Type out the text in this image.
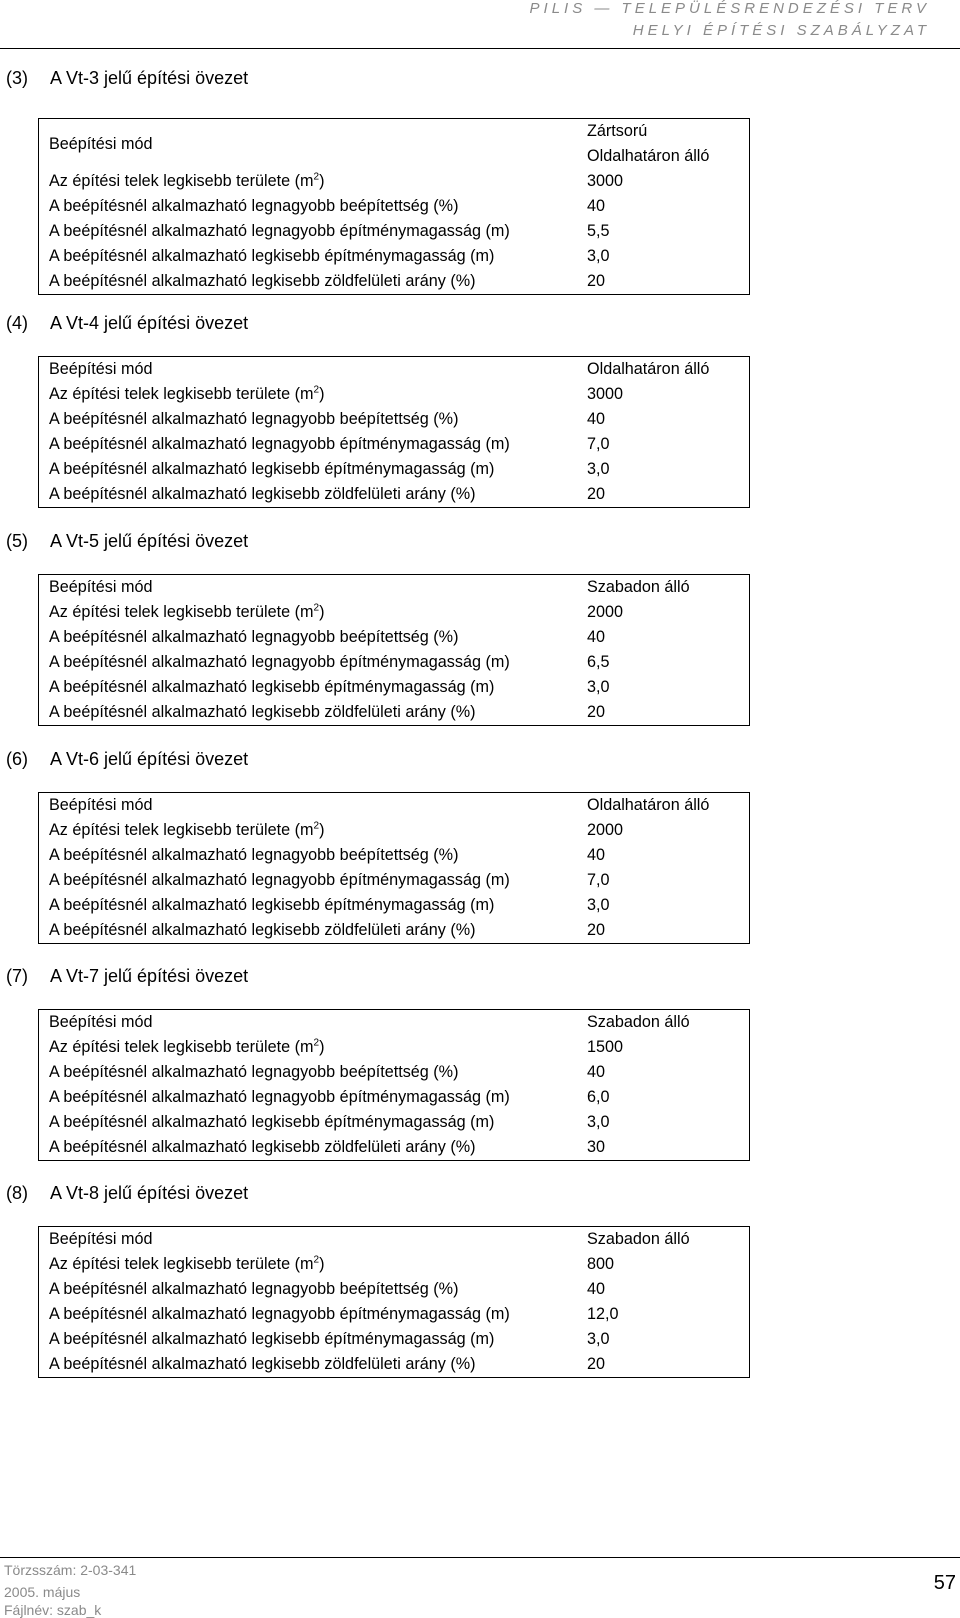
PILIS — TELEPÜLÉSRENDEZÉSI TERV
HELYI ÉPÍTÉSI SZABÁLYZAT
(3) A Vt-3 jelű építési övezet
Beépítési mód	Zártsorú
Oldalhatáron álló

Az építési telek legkisebb területe $(m^2)$	3000
A beépítésnél alkalmazható legnagyobb beépítettség (%)	40
A beépítésnél alkalmazható legnagyobb építménymagasság (m)	5,5
A beépítésnél alkalmazható legkisebb építménymagasság (m)	3,0
A beépítésnél alkalmazható legkisebb zöldfelületi arány (%)	20
(4) A Vt-4 jelű építési övezet
Beépítési mód	Oldalhatáron álló
Az építési telek legkisebb területe $(m^2)$	3000
A beépítésnél alkalmazható legnagyobb beépítettség (%)	40
A beépítésnél alkalmazható legnagyobb építménymagasság (m)	7,0
A beépítésnél alkalmazható legkisebb építménymagasság (m)	3,0
A beépítésnél alkalmazható legkisebb zöldfelületi arány (%)	20
(5) A Vt-5 jelű építési övezet
Beépítési mód	Szabadon álló
Az építési telek legkisebb területe $(m^2)$	2000
A beépítésnél alkalmazható legnagyobb beépítettség (%)	40
A beépítésnél alkalmazható legnagyobb építménymagasság (m)	6,5
A beépítésnél alkalmazható legkisebb építménymagasság (m)	3,0
A beépítésnél alkalmazható legkisebb zöldfelületi arány (%)	20
(6) A Vt-6 jelű építési övezet
Beépítési mód	Oldalhatáron álló
Az építési telek legkisebb területe $(m^2)$	2000
A beépítésnél alkalmazható legnagyobb beépítettség (%)	40
A beépítésnél alkalmazható legnagyobb építménymagasság (m)	7,0
A beépítésnél alkalmazható legkisebb építménymagasság (m)	3,0
A beépítésnél alkalmazható legkisebb zöldfelületi arány (%)	20
(7) A Vt-7 jelű építési övezet
Beépítési mód	Szabadon álló
Az építési telek legkisebb területe $(m^2)$	1500
A beépítésnél alkalmazható legnagyobb beépítettség (%)	40
A beépítésnél alkalmazható legnagyobb építménymagasság (m)	6,0
A beépítésnél alkalmazható legkisebb építménymagasság (m)	3,0
A beépítésnél alkalmazható legkisebb zöldfelületi arány (%)	30
(8) A Vt-8 jelű építési övezet
Beépítési mód	Szabadon álló
Az építési telek legkisebb területe $(m^2)$	800
A beépítésnél alkalmazható legnagyobb beépítettség (%)	40
A beépítésnél alkalmazható legnagyobb építménymagasság (m)	12,0
A beépítésnél alkalmazható legkisebb építménymagasság (m)	3,0
A beépítésnél alkalmazható legkisebb zöldfelületi arány (%)	20
Törzsszám: 2-03-341
2005. május
Fájlnév: szab_k
57
